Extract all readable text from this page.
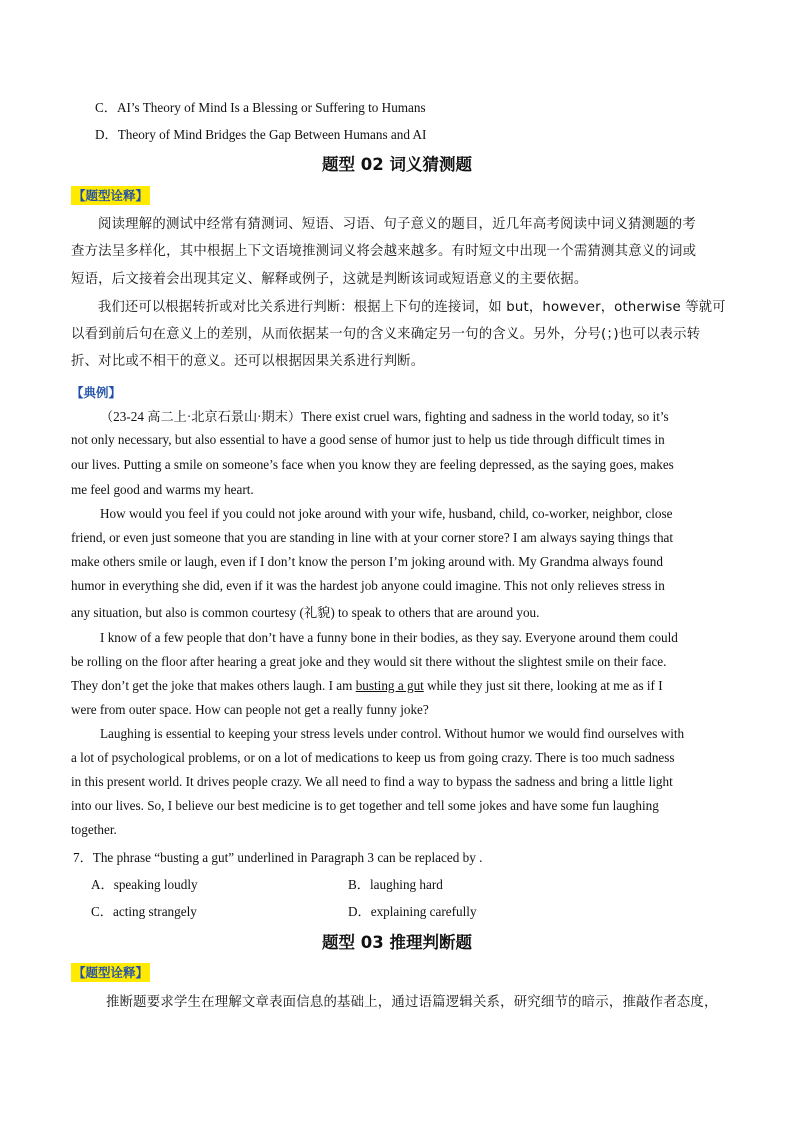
C．AI’s Theory of Mind Is a Blessing or Suffering to Humans
D．Theory of Mind Bridges the Gap Between Humans and AI
题型 02 词义猜测题
【题型诠释】
阅读理解的测试中经常有猜测词、短语、习语、句子意义的题目，近几年高考阅读中词义猜测题的考
查方法呈多样化，其中根据上下文语境推测词义将会越来越多。有时短文中出现一个需猜测其意义的词或
短语，后文接着会出现其定义、解释或例子，这就是判断该词或短语意义的主要依据。
我们还可以根据转折或对比关系进行判断：根据上下句的连接词，如 but，however，otherwise 等就可
以看到前后句在意义上的差别，从而依据某一句的含义来确定另一句的含义。另外，分号(；)也可以表示转
折、对比或不相干的意义。还可以根据因果关系进行判断。
【典例】
（23-24 高二上·北京石景山·期末）There exist cruel wars, fighting and sadness in the world today, so it’s
not only necessary, but also essential to have a good sense of humor just to help us tide through difficult times in
our lives. Putting a smile on someone’s face when you know they are feeling depressed, as the saying goes, makes
me feel good and warms my heart.
How would you feel if you could not joke around with your wife, husband, child, co-worker, neighbor, close
friend, or even just someone that you are standing in line with at your corner store? I am always saying things that
make others smile or laugh, even if I don’t know the person I’m joking around with. My Grandma always found
humor in everything she did, even if it was the hardest job anyone could imagine. This not only relieves stress in
any situation, but also is common courtesy (礼貌) to speak to others that are around you.
I know of a few people that don’t have a funny bone in their bodies, as they say. Everyone around them could
be rolling on the floor after hearing a great joke and they would sit there without the slightest smile on their face.
They don’t get the joke that makes others laugh. I am busting a gut while they just sit there, looking at me as if I
were from outer space. How can people not get a really funny joke?
Laughing is essential to keeping your stress levels under control. Without humor we would find ourselves with
a lot of psychological problems, or on a lot of medications to keep us from going crazy. There is too much sadness
in this present world. It drives people crazy. We all need to find a way to bypass the sadness and bring a little light
into our lives. So, I believe our best medicine is to get together and tell some jokes and have some fun laughing
together.
7．The phrase “busting a gut” underlined in Paragraph 3 can be replaced by .
A．speaking loudly	B．laughing hard
C．acting strangely	D．explaining carefully
题型 03 推理判断题
【题型诠释】
推断题要求学生在理解文章表面信息的基础上，通过语篇逻辑关系，研究细节的暗示，推敲作者态度，
